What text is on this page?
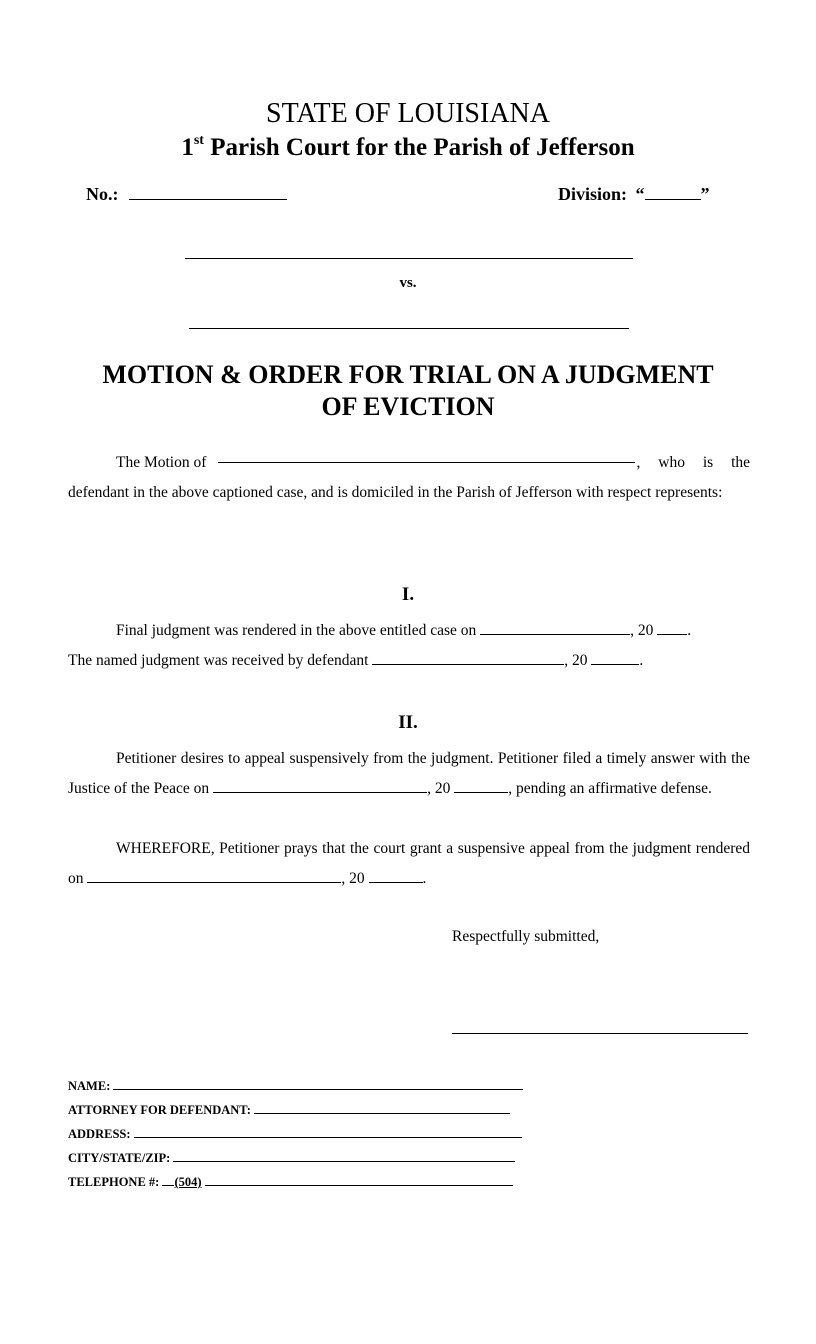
STATE OF LOUISIANA
1st Parish Court for the Parish of Jefferson
No.:	Division: “	”
vs.
MOTION & ORDER FOR TRIAL ON A JUDGMENT
OF EVICTION
The Motion of	, who is the
defendant in the above captioned case, and is domiciled in the Parish of Jefferson with respect represents:
I.
Final judgment was rendered in the above entitled case on	, 20 .
The named judgment was received by defendant	, 20	.
II.
Petitioner desires to appeal suspensively from the judgment. Petitioner filed a timely answer with the Justice of the Peace on	, 20	, pending an affirmative defense.
WHEREFORE, Petitioner prays that the court grant a suspensive appeal from the judgment rendered on	, 20	.
Respectfully submitted,
NAME:
ATTORNEY FOR DEFENDANT:
ADDRESS:
CITY/STATE/ZIP:
TELEPHONE #: (504)
